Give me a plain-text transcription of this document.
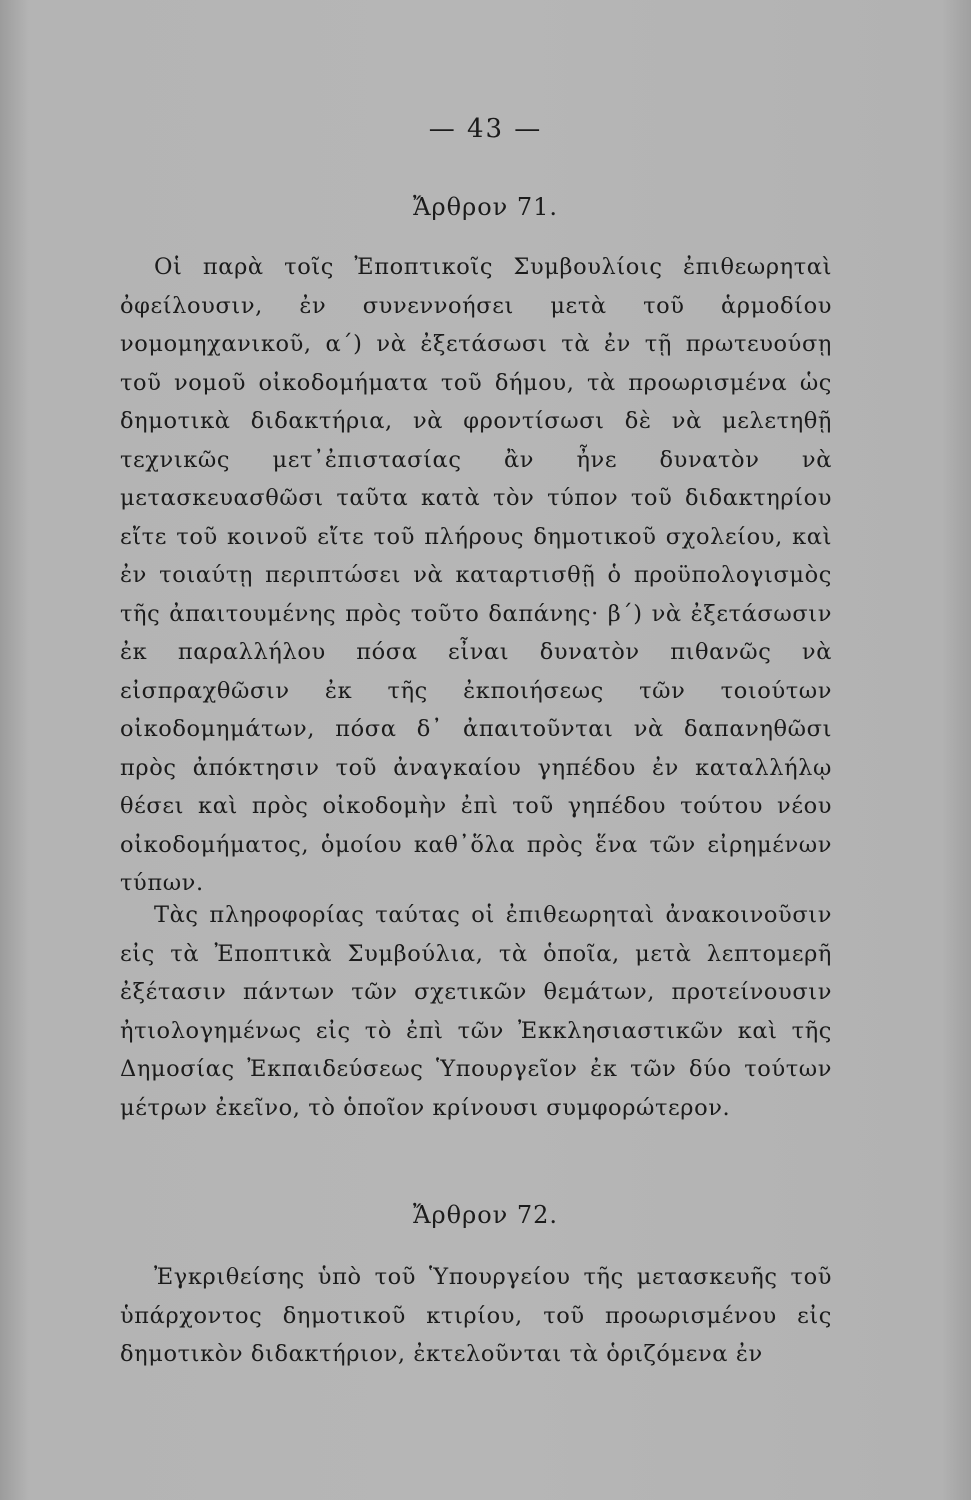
— 43 —
Ἄρθρον 71.

Οἱ παρὰ τοῖς Ἐποπτικοῖς Συμβουλίοις ἐπιθεωρηταὶ ὀφείλουσιν, ἐν συνεννοήσει μετὰ τοῦ ἁρμοδίου νομομηχανικοῦ, α΄) νὰ ἐξετάσωσι τὰ ἐν τῇ πρωτευούσῃ τοῦ νομοῦ οἰκοδομήματα τοῦ δήμου, τὰ προωρισμένα ὡς δημοτικὰ διδακτήρια, νὰ φροντίσωσι δὲ νὰ μελετηθῇ τεχνικῶς μετ᾽ἐπιστασίας ἂν ἦνε δυνατὸν νὰ μετασκευασθῶσι ταῦτα κατὰ τὸν τύπον τοῦ διδακτηρίου εἴτε τοῦ κοινοῦ εἴτε τοῦ πλήρους δημοτικοῦ σχολείου, καὶ ἐν τοιαύτῃ περιπτώσει νὰ καταρτισθῇ ὁ προϋπολογισμὸς τῆς ἀπαιτουμένης πρὸς τοῦτο δαπάνης· β΄) νὰ ἐξετάσωσιν ἐκ παραλλήλου πόσα εἶναι δυνατὸν πιθανῶς νὰ εἰσπραχθῶσιν ἐκ τῆς ἐκποιήσεως τῶν τοιούτων οἰκοδομημάτων, πόσα δ᾽ ἀπαιτοῦνται νὰ δαπανηθῶσι πρὸς ἀπόκτησιν τοῦ ἀναγκαίου γηπέδου ἐν καταλλήλῳ θέσει καὶ πρὸς οἰκοδομὴν ἐπὶ τοῦ γηπέδου τούτου νέου οἰκοδομήματος, ὁμοίου καθ᾽ὅλα πρὸς ἕνα τῶν εἰρημένων τύπων.

Τὰς πληροφορίας ταύτας οἱ ἐπιθεωρηταὶ ἀνακοινοῦσιν εἰς τὰ Ἐποπτικὰ Συμβούλια, τὰ ὁποῖα, μετὰ λεπτομερῆ ἐξέτασιν πάντων τῶν σχετικῶν θεμάτων, προτείνουσιν ἠτιολογημένως εἰς τὸ ἐπὶ τῶν Ἐκκλησιαστικῶν καὶ τῆς Δημοσίας Ἐκπαιδεύσεως Ὑπουργεῖον ἐκ τῶν δύο τούτων μέτρων ἐκεῖνο, τὸ ὁποῖον κρίνουσι συμφορώτερον.

Ἄρθρον 72.

Ἐγκριθείσης ὑπὸ τοῦ Ὑπουργείου τῆς μετασκευῆς τοῦ ὑπάρχοντος δημοτικοῦ κτιρίου, τοῦ προωρισμένου εἰς δημοτικὸν διδακτήριον, ἐκτελοῦνται τὰ ὁριζόμενα ἐν
